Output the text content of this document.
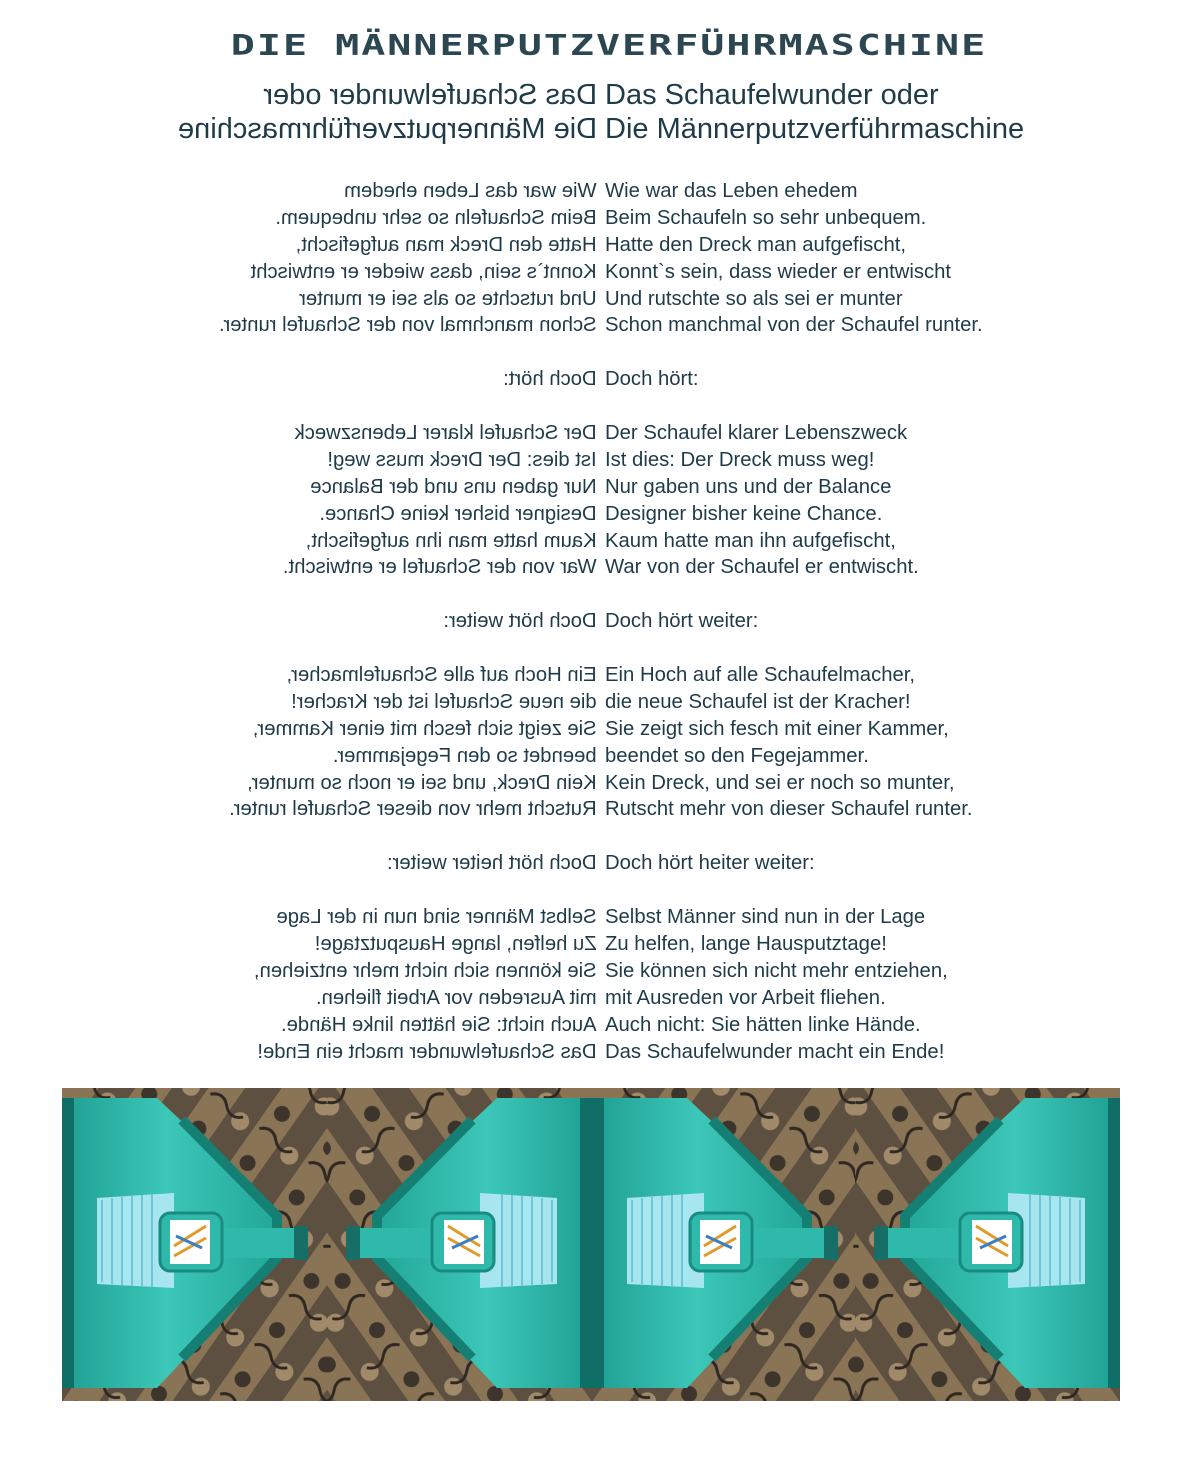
DIE MÄNNERPUTZVERFÜHRMASCHINE
Das Schaufelwunder oder
Die Männerputzverführmaschine
Das Schaufelwunder oder
Die Männerputzverführmaschine
Wie war das Leben ehedem
Beim Schaufeln so sehr unbequem.
Hatte den Dreck man aufgefischt,
Konnt`s sein, dass wieder er entwischt
Und rutschte so als sei er munter
Schon manchmal von der Schaufel runter.
Doch hört:
Der Schaufel klarer Lebenszweck
Ist dies: Der Dreck muss weg!
Nur gaben uns und der Balance
Designer bisher keine Chance.
Kaum hatte man ihn aufgefischt,
War von der Schaufel er entwischt.
Doch hört weiter:
Ein Hoch auf alle Schaufelmacher,
die neue Schaufel ist der Kracher!
Sie zeigt sich fesch mit einer Kammer,
beendet so den Fegejammer.
Kein Dreck, und sei er noch so munter,
Rutscht mehr von dieser Schaufel runter.
Doch hört heiter weiter:
Selbst Männer sind nun in der Lage
Zu helfen, lange Hausputztage!
Sie können sich nicht mehr entziehen,
mit Ausreden vor Arbeit fliehen.
Auch nicht: Sie hätten linke Hände.
Das Schaufelwunder macht ein Ende!
Wie war das Leben ehedem
Beim Schaufeln so sehr unbequem.
Hatte den Dreck man aufgefischt,
Konnt`s sein, dass wieder er entwischt
Und rutschte so als sei er munter
Schon manchmal von der Schaufel runter.
Doch hört:
Der Schaufel klarer Lebenszweck
Ist dies: Der Dreck muss weg!
Nur gaben uns und der Balance
Designer bisher keine Chance.
Kaum hatte man ihn aufgefischt,
War von der Schaufel er entwischt.
Doch hört weiter:
Ein Hoch auf alle Schaufelmacher,
die neue Schaufel ist der Kracher!
Sie zeigt sich fesch mit einer Kammer,
beendet so den Fegejammer.
Kein Dreck, und sei er noch so munter,
Rutscht mehr von dieser Schaufel runter.
Doch hört heiter weiter:
Selbst Männer sind nun in der Lage
Zu helfen, lange Hausputztage!
Sie können sich nicht mehr entziehen,
mit Ausreden vor Arbeit fliehen.
Auch nicht: Sie hätten linke Hände.
Das Schaufelwunder macht ein Ende!
